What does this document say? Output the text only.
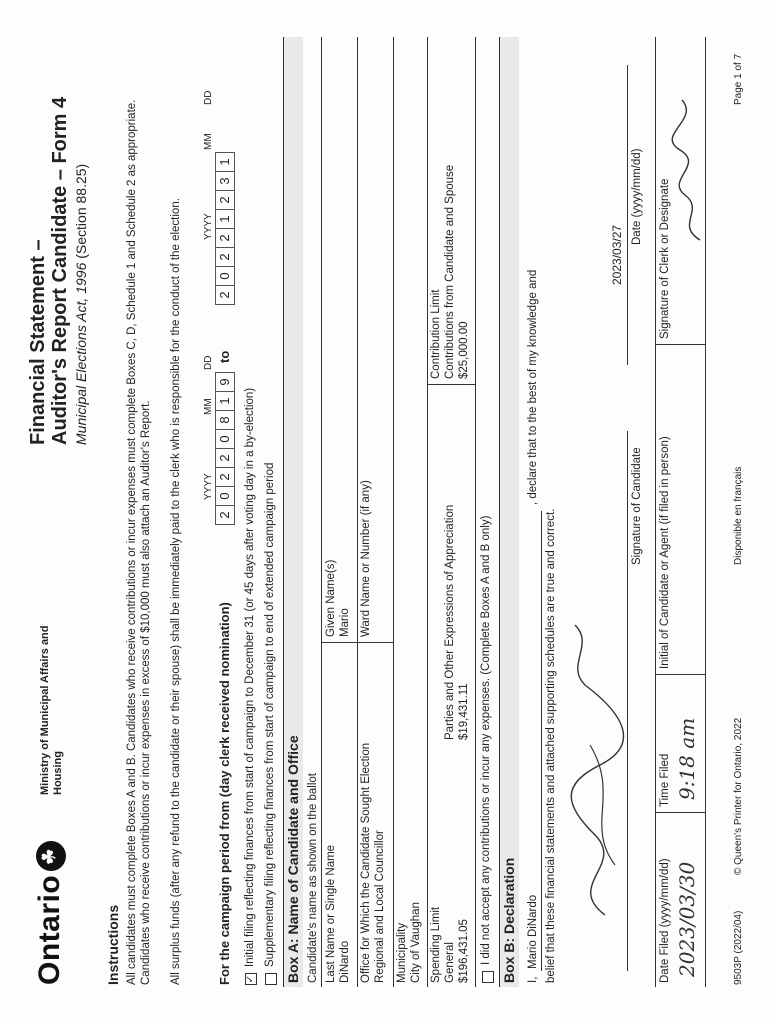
Ontario☘
Ministry of Municipal Affairs and Housing
Financial Statement – Auditor's Report Candidate – Form 4 Municipal Elections Act, 1996 (Section 88.25)
Instructions All candidates must complete Boxes A and B. Candidates who receive contributions or incur expenses must complete Boxes C, D, Schedule 1 and Schedule 2 as appropriate. Candidates who receive contributions or incur expenses in excess of $10,000 must also attach an Auditor's Report. All surplus funds (after any refund to the candidate or their spouse) shall be immediately paid to the clerk who is responsible for the conduct of the election. YYYY
MM
DD
YYYY
MM
DD
For the campaign period from (day clerk received nomination)
20220819
to
20221231
✓
Initial filing reflecting finances from start of campaign to December 31 (or 45 days after voting day in a by-election) Supplementary filing reflecting finances from start of campaign to end of extended campaign period Box A: Name of Candidate and Office Candidate's name as shown on the ballot Last Name or Single Name DiNardo
Given Name(s) Mario
Office for Which the Candidate Sought Election Regional and Local Councillor
Ward Name or Number (if any)
Municipality City of Vaughan Spending Limit General $196,431.05
Parties and Other Expressions of Appreciation $19,431.11
Contribution Limit Contributions from Candidate and Spouse $25,000.00
I did not accept any contributions or incur any expenses. (Complete Boxes A and B only) Box B: Declaration I,
Mario DiNardo
, declare that to the best of my knowledge and
belief that these financial statements and attached supporting schedules are true and correct.
Signature of Candidate
2023/03/27
Date (yyyy/mm/dd)
Date Filed (yyyy/mm/dd) 2023/03/30
Time Filed 9:18 am
Initial of Candidate or Agent (if filed in person)
Signature of Clerk or Designate
9503P (2022/04)
© Queen's Printer for Ontario, 2022
Disponible en français
Page 1 of 7
